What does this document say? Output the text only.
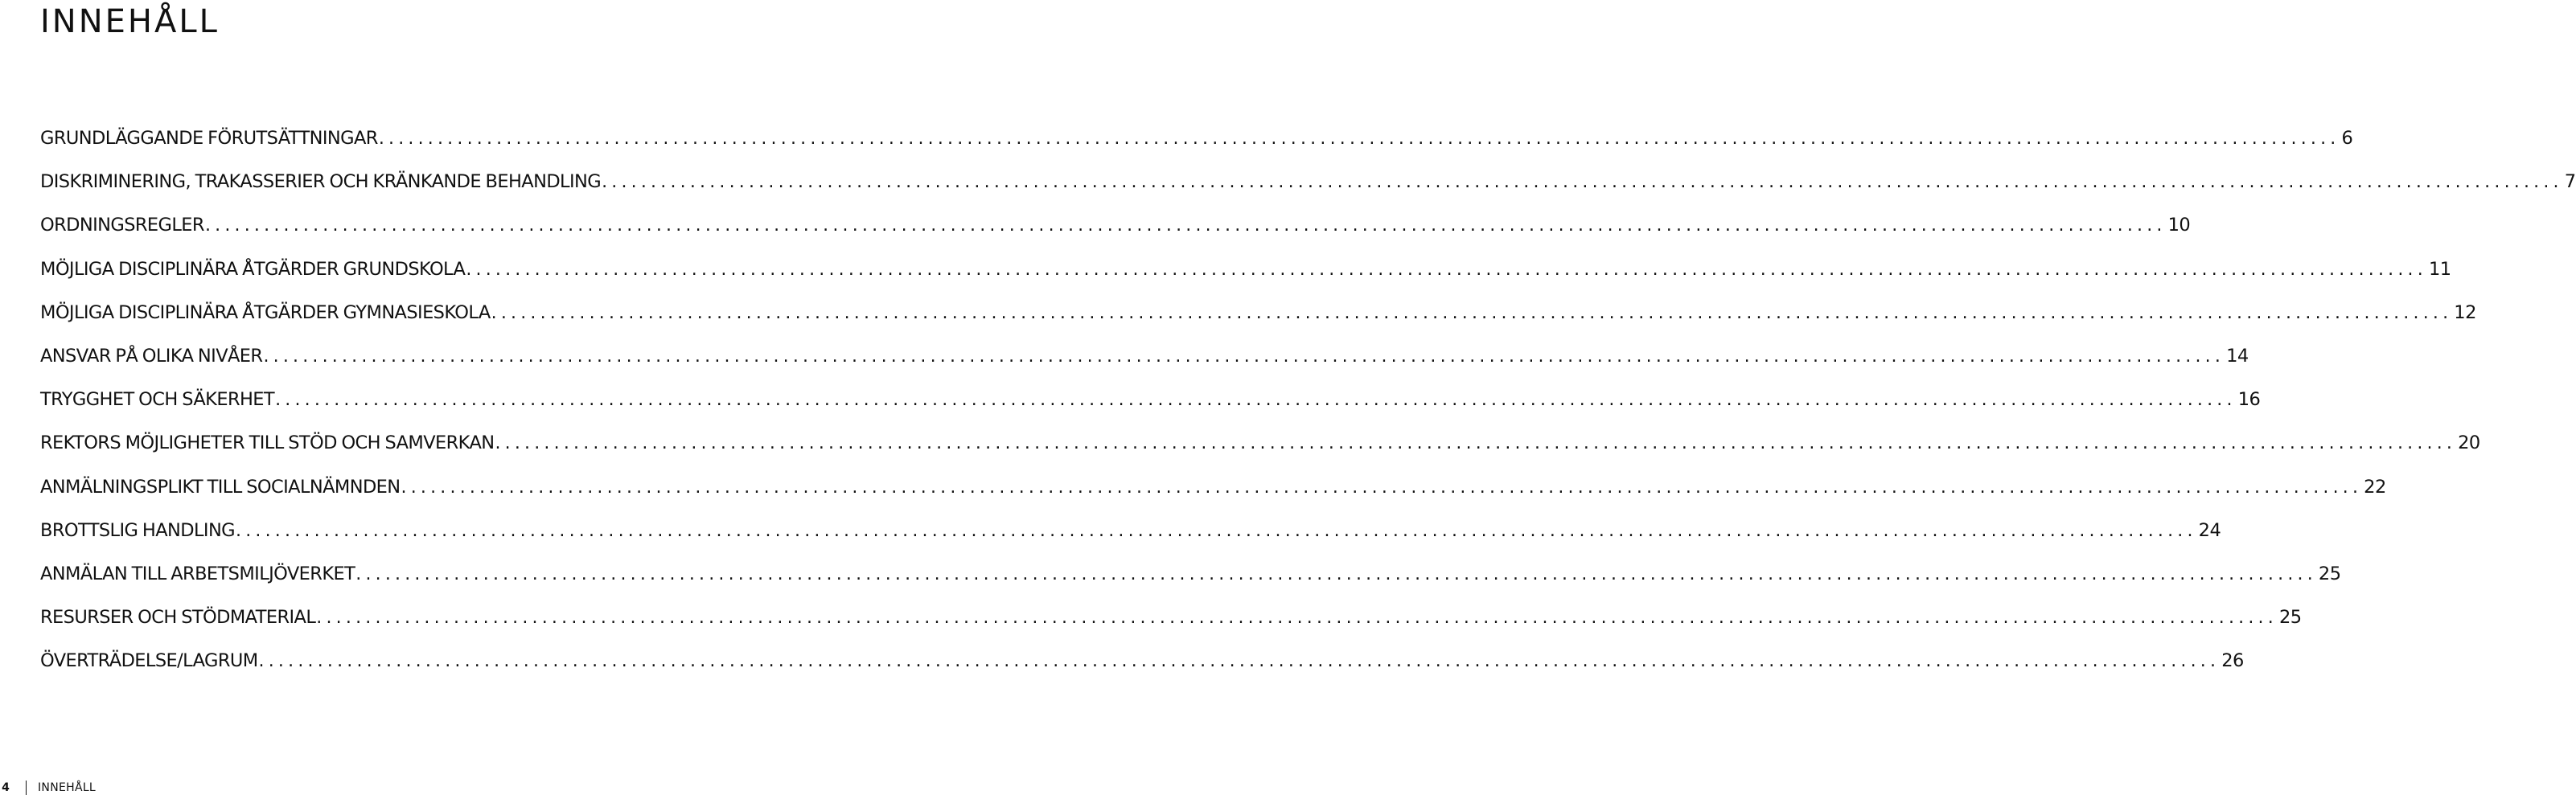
INNEHÅLL
GRUNDLÄGGANDE FÖRUTSÄTTNINGAR ........................................................................................................................................................................................................ 6
DISKRIMINERING, TRAKASSERIER OCH KRÄNKANDE BEHANDLING ........................................................................................................................................................................................................ 7
ORDNINGSREGLER ........................................................................................................................................................................................................ 10
MÖJLIGA DISCIPLINÄRA ÅTGÄRDER GRUNDSKOLA ........................................................................................................................................................................................................ 11
MÖJLIGA DISCIPLINÄRA ÅTGÄRDER GYMNASIESKOLA ........................................................................................................................................................................................................ 12
ANSVAR PÅ OLIKA NIVÅER ........................................................................................................................................................................................................ 14
TRYGGHET OCH SÄKERHET ........................................................................................................................................................................................................ 16
REKTORS MÖJLIGHETER TILL STÖD OCH SAMVERKAN ........................................................................................................................................................................................................ 20
ANMÄLNINGSPLIKT TILL SOCIALNÄMNDEN ........................................................................................................................................................................................................ 22
BROTTSLIG HANDLING ........................................................................................................................................................................................................ 24
ANMÄLAN TILL ARBETSMILJÖVERKET ........................................................................................................................................................................................................ 25
RESURSER OCH STÖDMATERIAL ........................................................................................................................................................................................................ 25
ÖVERTRÄDELSE/LAGRUM ........................................................................................................................................................................................................ 26
4	INNEHÅLL
